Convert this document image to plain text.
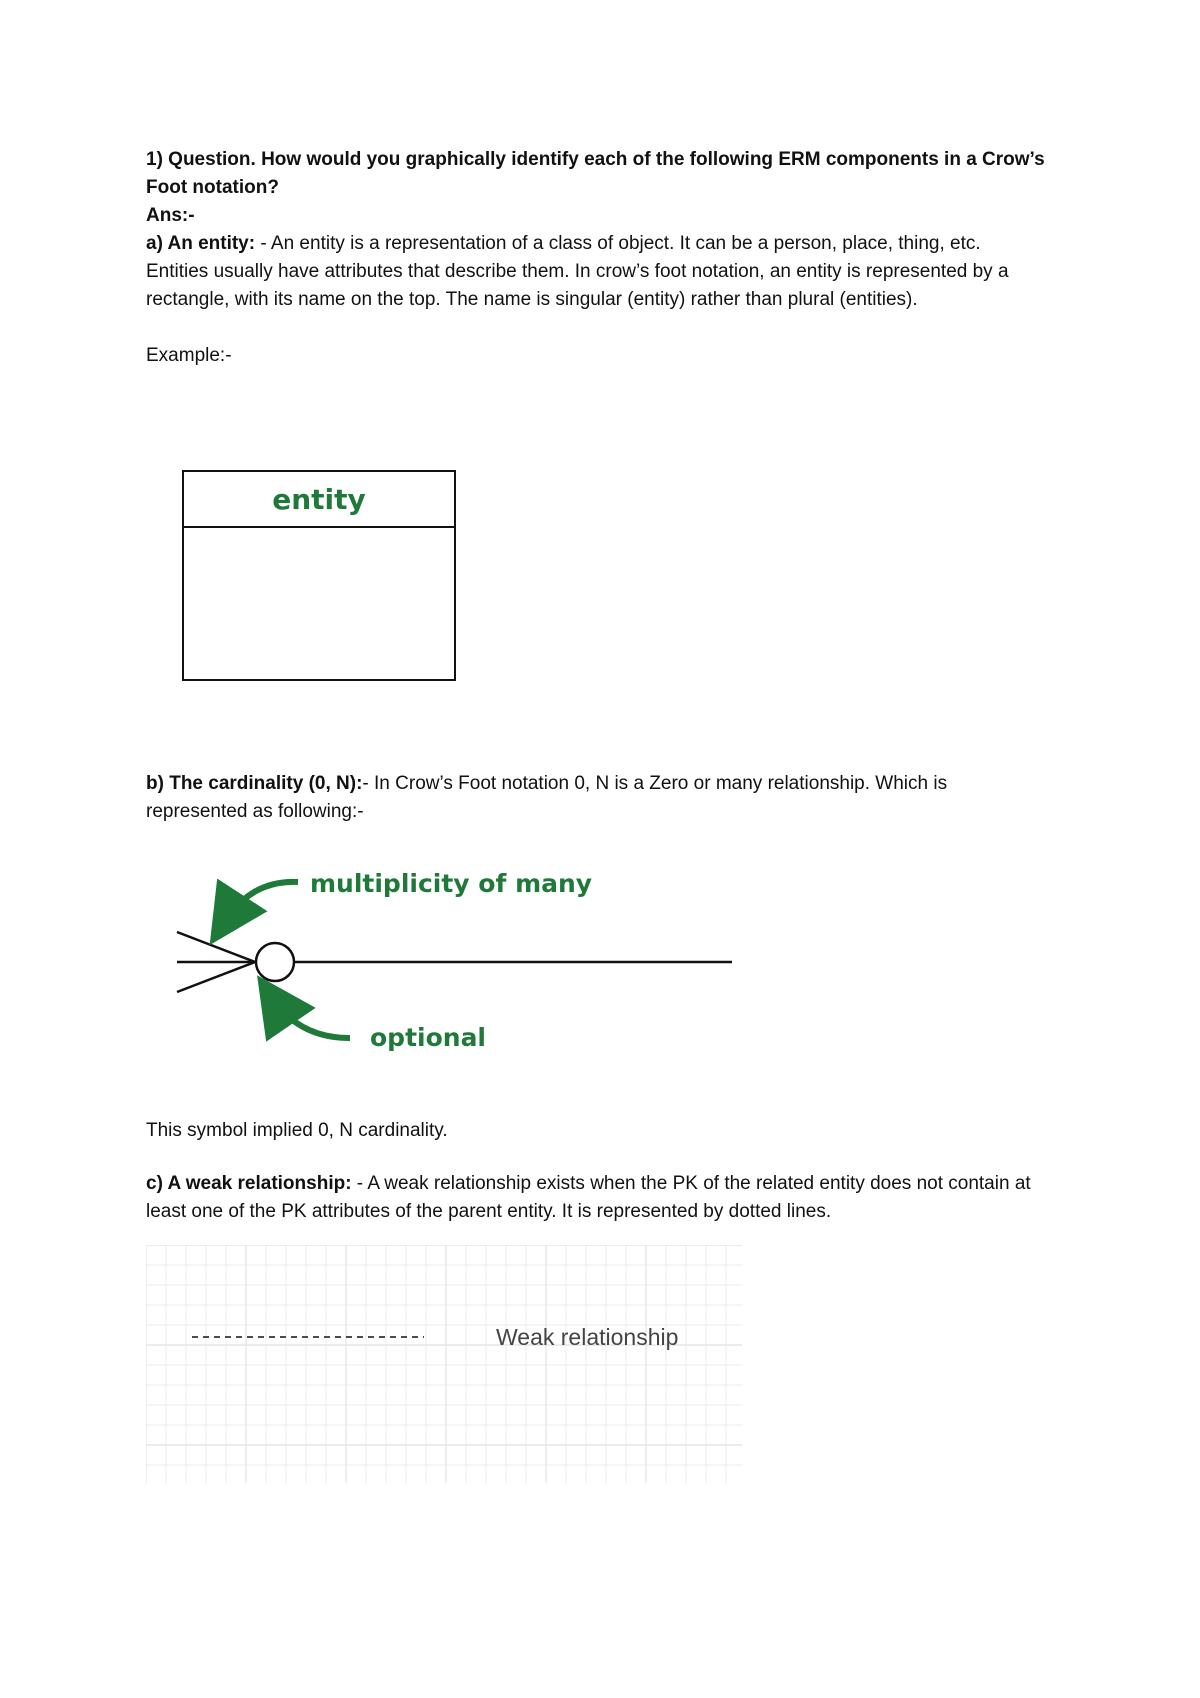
1) Question. How would you graphically identify each of the following ERM components in a Crow’s Foot notation?
Ans:-
a) An entity: - An entity is a representation of a class of object. It can be a person, place, thing, etc. Entities usually have attributes that describe them. In crow’s foot notation, an entity is represented by a rectangle, with its name on the top. The name is singular (entity) rather than plural (entities).
Example:-
entity
b) The cardinality (0, N):- In Crow’s Foot notation 0, N is a Zero or many relationship. Which is represented as following:-
multiplicity of many
optional
This symbol implied 0, N cardinality.
c) A weak relationship: - A weak relationship exists when the PK of the related entity does not contain at least one of the PK attributes of the parent entity. It is represented by dotted lines.
Weak relationship
